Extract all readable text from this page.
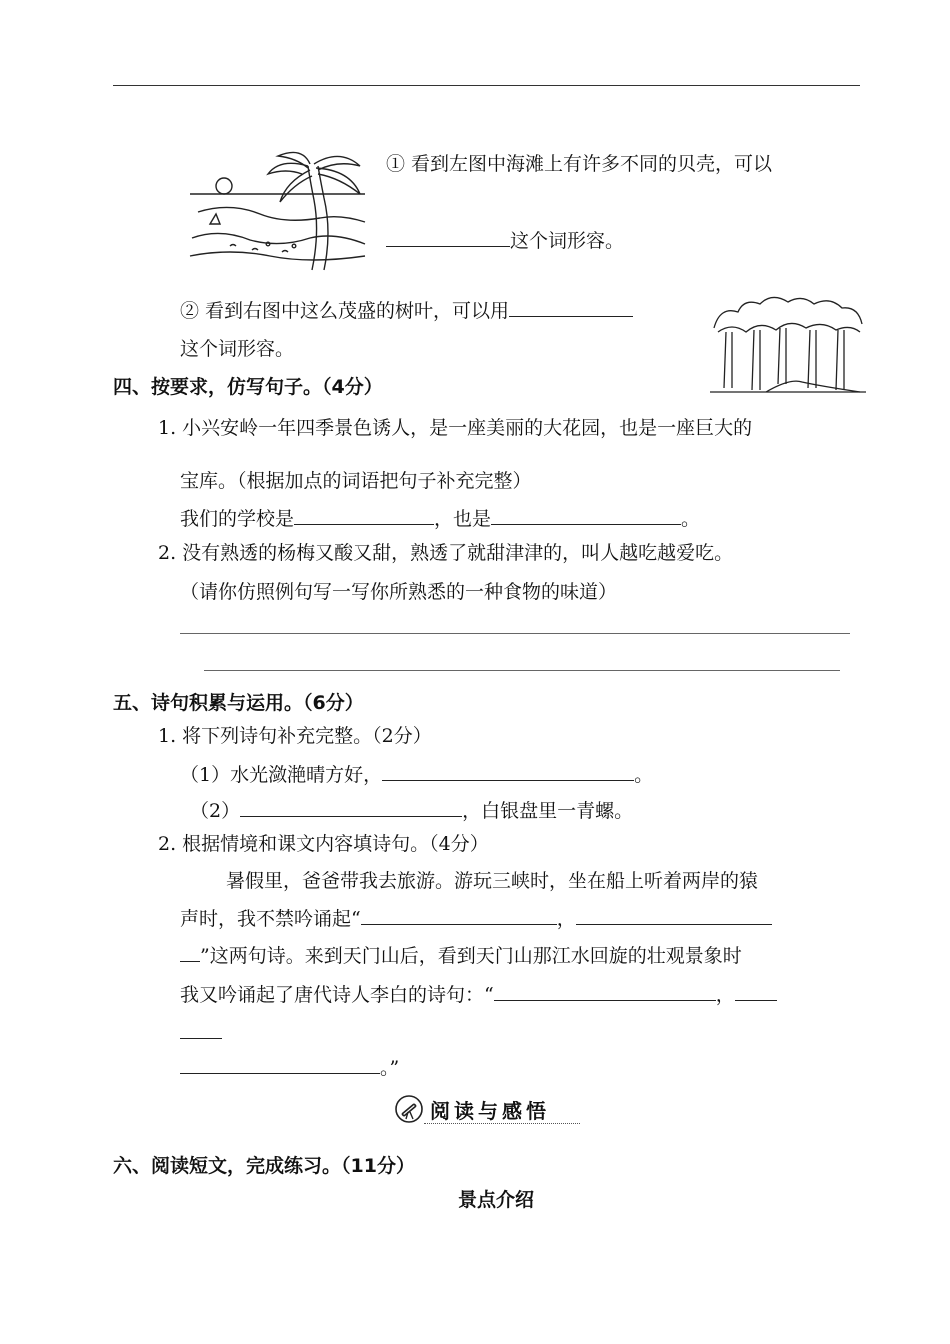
① 看到左图中海滩上有许多不同的贝壳，可以
这个词形容。
② 看到右图中这么茂盛的树叶，可以用
这个词形容。
四、按要求，仿写句子。（4分）
1. 小兴安岭一年四季景色诱人，是一座美丽的大花园，也是一座巨大的
宝库。（根据加点的词语把句子补充完整）
我们的学校是	，也是	。
2. 没有熟透的杨梅又酸又甜，熟透了就甜津津的，叫人越吃越爱吃。
（请你仿照例句写一写你所熟悉的一种食物的味道）
五、诗句积累与运用。（6分）
1. 将下列诗句补充完整。（2分）
（1）水光潋滟晴方好，	。
（2）	，白银盘里一青螺。
2. 根据情境和课文内容填诗句。（4分）
暑假里，爸爸带我去旅游。游玩三峡时，坐在船上听着两岸的猿
声时，我不禁吟诵起“	，
”这两句诗。来到天门山后，看到天门山那江水回旋的壮观景象时
我又吟诵起了唐代诗人李白的诗句：“	，
。”
阅读与感悟
六、阅读短文，完成练习。（11分）
景点介绍
